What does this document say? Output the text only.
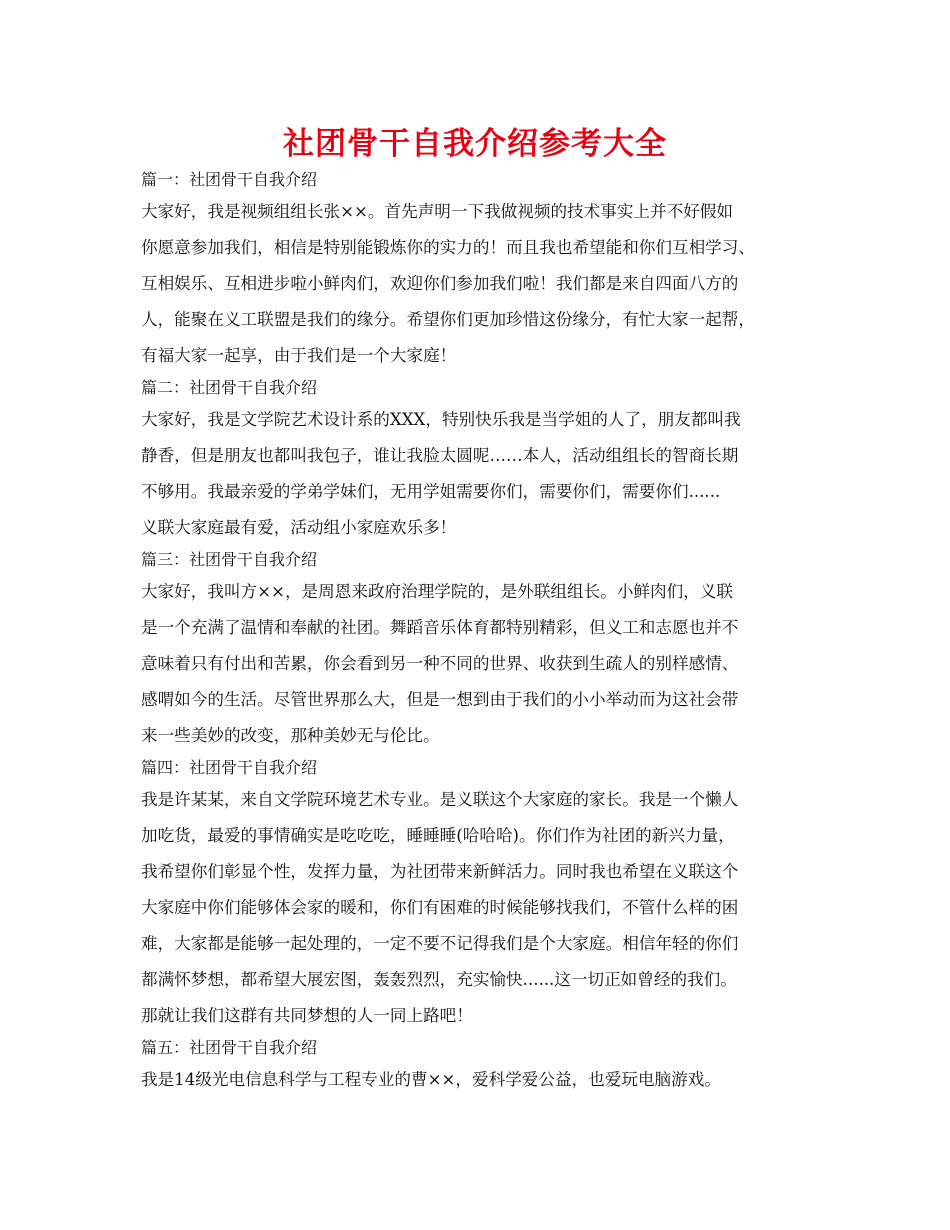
社团骨干自我介绍参考大全

篇一：社团骨干自我介绍

大家好，我是视频组组长张××。首先声明一下我做视频的技术事实上并不好假如
你愿意参加我们，相信是特别能锻炼你的实力的！而且我也希望能和你们互相学习、
互相娱乐、互相进步啦小鲜肉们，欢迎你们参加我们啦！我们都是来自四面八方的
人，能聚在义工联盟是我们的缘分。希望你们更加珍惜这份缘分，有忙大家一起帮，
有福大家一起享，由于我们是一个大家庭！

篇二：社团骨干自我介绍

大家好，我是文学院艺术设计系的XXX，特别快乐我是当学姐的人了，朋友都叫我
静香，但是朋友也都叫我包子，谁让我脸太圆呢……本人，活动组组长的智商长期
不够用。我最亲爱的学弟学妹们，无用学姐需要你们，需要你们，需要你们......
义联大家庭最有爱，活动组小家庭欢乐多！

篇三：社团骨干自我介绍

大家好，我叫方××，是周恩来政府治理学院的，是外联组组长。小鲜肉们，义联
是一个充满了温情和奉献的社团。舞蹈音乐体育都特别精彩，但义工和志愿也并不
意味着只有付出和苦累，你会看到另一种不同的世界、收获到生疏人的别样感情、
感喟如今的生活。尽管世界那么大，但是一想到由于我们的小小举动而为这社会带
来一些美妙的改变，那种美妙无与伦比。

篇四：社团骨干自我介绍

我是许某某，来自文学院环境艺术专业。是义联这个大家庭的家长。我是一个懒人
加吃货，最爱的事情确实是吃吃吃，睡睡睡(哈哈哈)。你们作为社团的新兴力量，
我希望你们彰显个性，发挥力量，为社团带来新鲜活力。同时我也希望在义联这个
大家庭中你们能够体会家的暖和，你们有困难的时候能够找我们，不管什么样的困
难，大家都是能够一起处理的，一定不要不记得我们是个大家庭。相信年轻的你们
都满怀梦想，都希望大展宏图，轰轰烈烈，充实愉快......这一切正如曾经的我们。
那就让我们这群有共同梦想的人一同上路吧！

篇五：社团骨干自我介绍

我是14级光电信息科学与工程专业的曹××，爱科学爱公益，也爱玩电脑游戏。
